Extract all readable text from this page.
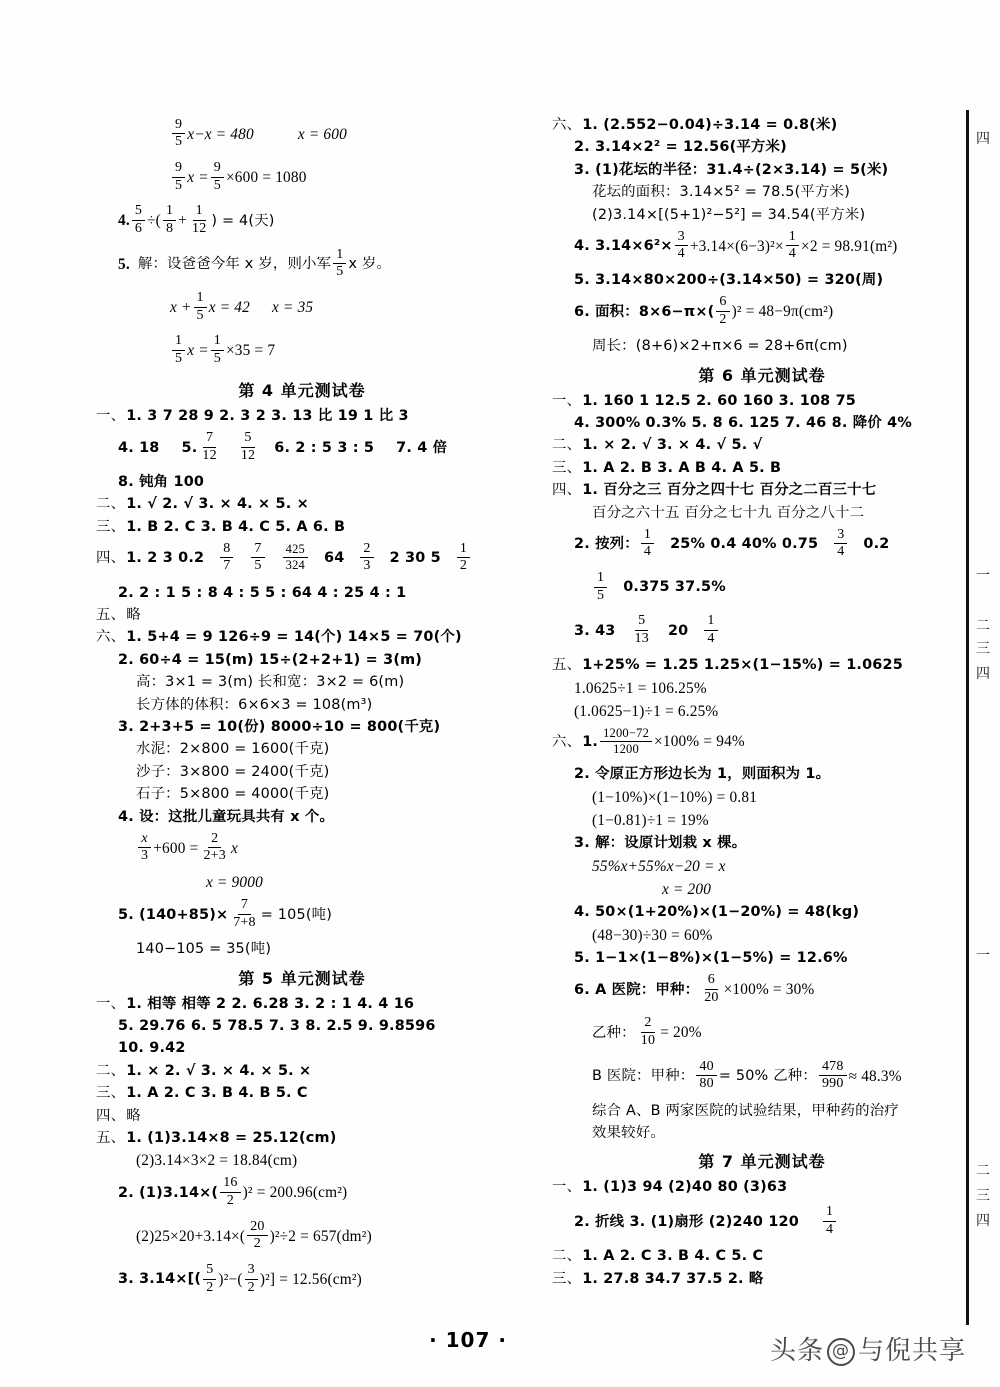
$\frac{9}{5} x-x = 480$	x = 600
$\frac{9}{5}$ $x = \frac{9}{5} \times 600 = 1080$
4. $\frac{5}{6}$ ÷( $\frac{1}{8} + \frac{1}{12}$ ) = 4(天)
5. 解：设爸爸今年 x 岁，则小军 $\frac{1}{5}$ x 岁。
$x + \frac{1}{5}$ x = 42 x = 35
$\frac{1}{5}$ $x = \frac{1}{5} \times 35 = 7$
第 4 单元测试卷
一、 1. 3 7 28 9 2. 3 2 3. 13 比 19 1 比 3
4. 18 5. $\frac{7}{12} \frac{5}{12} 6$. 2 : 5 3 : 5 7. 4 倍
8. 钝角 100
二、 1. √ 2. √ 3. × 4. × 5. ×
三、 1. B 2. C 3. B 4. C 5. A 6. B
四、 1. 2 3 $0.2 \frac{8}{7} \frac{7}{5} \frac{425}{324} 64 \frac{2}{3} 2$ 30 $5 \frac{1}{2}$
2. 2 : 1 5 : 8 4 : 5 5 : 64 4 : 25 4 : 1
五、 略
六、 1. 5+4 = 9 126÷9 = 14(个) 14×5 = 70(个)
2. 60÷4 = 15(m) 15÷(2+2+1) = 3(m)
高：3×1 = 3(m) 长和宽：3×2 = 6(m)
长方体的体积：6×6×3 = 108(m³)
3. 2+3+5 = 10(份) 8000÷10 = 800(千克)
水泥：2×800 = 1600(千克)
沙子：3×800 = 2400(千克)
石子：5×800 = 4000(千克)
4. 设：这批儿童玩具共有 x 个。
$\frac{x}{3} +600 = \frac{2}{2+3}$ x
x = 9000
5. $(140+85)\times \frac{7}{7+8} = 105$(吨)
140−105 = 35(吨)
第 5 单元测试卷
一、 1. 相等 相等 2 2. 6.28 3. 2 : 1 4. 4 16
5. 29.76 6. 5 78.5 7. 3 8. 2.5 9. 9.8596
10. 9.42
二、 1. × 2. √ 3. × 4. × 5. ×
三、 1. A 2. C 3. B 4. B 5. C
四、 略
五、 1. (1)3.14×8 = 25.12(cm)
(2)3.14×3×2 = 18.84(cm)
2. $(1)3.14\times( \frac{16}{2} )^2 = 200.96(cm^2)$
$(2)25\times 20+3.14\times( \frac{20}{2} )^2\div 2 = 657(dm^2)$
3. $3.14\times[( \frac{5}{2} )^2-( \frac{3}{2} )^2] = 12.56(cm^2)$
六、 1. (2.552−0.04)÷3.14 = 0.8(米)
2. 3.14×2² = 12.56(平方米)
3. (1)花坛的半径：31.4÷(2×3.14) = 5(米)
花坛的面积：3.14×5² = 78.5(平方米)
(2)3.14×[(5+1)²−5²] = 34.54(平方米)
4. $3.14\times 6^2\times \frac{3}{4} +3.14\times(6-3)^2\times \frac{1}{4} \times 2 = 98.91(m^2)$
5. 3.14×80×200÷(3.14×50) = 320(周)
6. 面积：$8\times 6-\pi\times( \frac{6}{2} )^2 = 48-9\pi(cm^2)$
周长：(8+6)×2+π×6 = 28+6π(cm)
第 6 单元测试卷
一、 1. 160 1 12.5 2. 60 160 3. 108 75
4. 300% 0.3% 5. 8 6. 125 7. 46 8. 降价 4%
二、 1. × 2. √ 3. × 4. √ 5. √
三、 1. A 2. B 3. A B 4. A 5. B
四、 1. 百分之三 百分之四十七 百分之二百三十七
百分之六十五 百分之七十九 百分之八十二
2. 按列： $\frac{1}{4} 25\%$ 0.4 40% $0.75 \frac{3}{4} 0.2$
$\frac{1}{5} 0.375$ 37.5%
3. $43 \frac{5}{13} 20 \frac{1}{4}$
五、 1+25% = 1.25 1.25×(1−15%) = 1.0625
1.0625÷1 = 106.25%
(1.0625−1)÷1 = 6.25%
六、 1. $\frac{1200-72}{1200} \times 100\% = 94\%$
2. 令原正方形边长为 1，则面积为 1。
(1−10%)×(1−10%) = 0.81
(1−0.81)÷1 = 19%
3. 解：设原计划栽 x 棵。
55%x+55%x−20 = x
x = 200
4. 50×(1+20%)×(1−20%) = 48(kg)
(48−30)÷30 = 60%
5. 1−1×(1−8%)×(1−5%) = 12.6%
6. A 医院：甲种： $\frac{6}{20} \times 100\% = 30\%$
乙种： $\frac{2}{10} = 20\%$
B 医院：甲种： $\frac{40}{80} = 50\%$ 乙种： $\frac{478}{990} \approx 48.3\%$
综合 A、B 两家医院的试验结果，甲种药的治疗
效果较好。
第 7 单元测试卷
一、 1. (1)3 94 (2)40 80 (3)63
2. 折线 3. (1)扇形 (2)240 $120 \frac{1}{4}$
二、 1. A 2. C 3. B 4. C 5. C
三、 1. 27.8 34.7 37.5 2. 略
四
一
二
三
四
一
二
三
四
· 107 ·	头条 @ 与倪共享
